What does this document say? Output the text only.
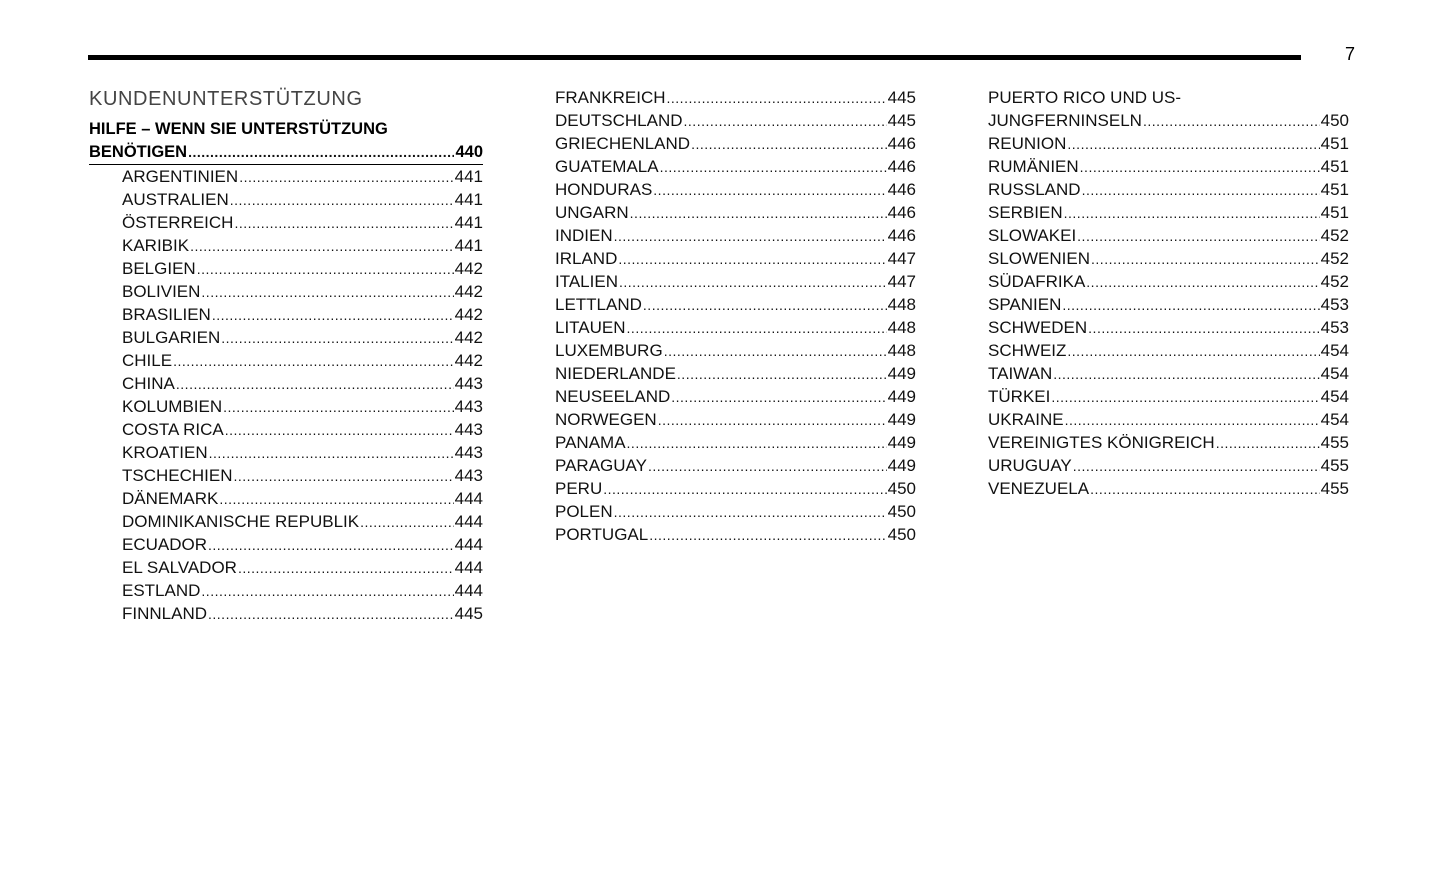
7
KUNDENUNTERSTÜTZUNG
HILFE – WENN SIE UNTERSTÜTZUNG
BENÖTIGEN .....	440
ARGENTINIEN .....	441
AUSTRALIEN .....	441
ÖSTERREICH .....	441
KARIBIK .....	441
BELGIEN .....	442
BOLIVIEN .....	442
BRASILIEN .....	442
BULGARIEN .....	442
CHILE .....	442
CHINA .....	443
KOLUMBIEN .....	443
COSTA RICA .....	443
KROATIEN .....	443
TSCHECHIEN .....	443
DÄNEMARK .....	444
DOMINIKANISCHE REPUBLIK .....	444
ECUADOR .....	444
EL SALVADOR .....	444
ESTLAND .....	444
FINNLAND .....	445
FRANKREICH .....	445
DEUTSCHLAND .....	445
GRIECHENLAND .....	446
GUATEMALA .....	446
HONDURAS .....	446
UNGARN .....	446
INDIEN .....	446
IRLAND .....	447
ITALIEN .....	447
LETTLAND .....	448
LITAUEN .....	448
LUXEMBURG .....	448
NIEDERLANDE .....	449
NEUSEELAND .....	449
NORWEGEN .....	449
PANAMA .....	449
PARAGUAY .....	449
PERU .....	450
POLEN .....	450
PORTUGAL .....	450
PUERTO RICO UND US-
JUNGFERNINSELN .....	450
REUNION .....	451
RUMÄNIEN .....	451
RUSSLAND .....	451
SERBIEN .....	451
SLOWAKEI .....	452
SLOWENIEN .....	452
SÜDAFRIKA .....	452
SPANIEN .....	453
SCHWEDEN .....	453
SCHWEIZ .....	454
TAIWAN .....	454
TÜRKEI .....	454
UKRAINE .....	454
VEREINIGTES KÖNIGREICH .....	455
URUGUAY .....	455
VENEZUELA .....	455
